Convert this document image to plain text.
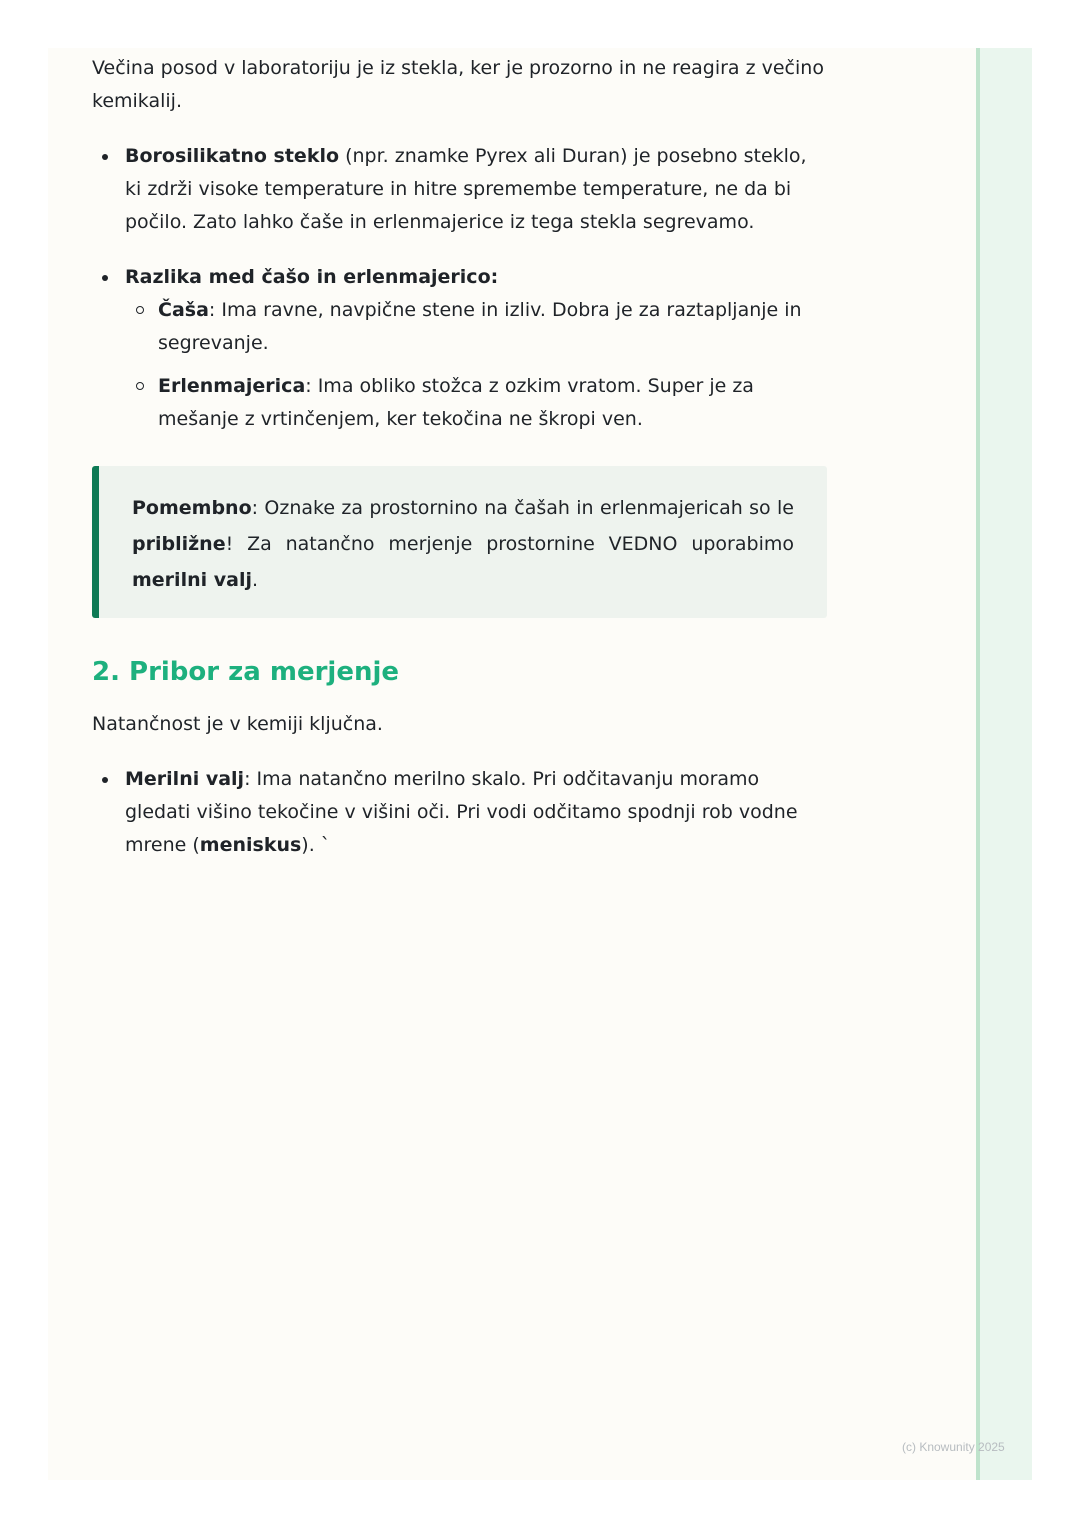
Večina posod v laboratoriju je iz stekla, ker je prozorno in ne reagira z večino kemikalij.

Borosilikatno steklo (npr. znamke Pyrex ali Duran) je posebno steklo, ki zdrži visoke temperature in hitre spremembe temperature, ne da bi počilo. Zato lahko čaše in erlenmajerice iz tega stekla segrevamo.
Razlika med čašo in erlenmajerico:
Čaša: Ima ravne, navpične stene in izliv. Dobra je za raztapljanje in segrevanje.
Erlenmajerica: Ima obliko stožca z ozkim vratom. Super je za mešanje z vrtinčenjem, ker tekočina ne škropi ven.
Pomembno: Oznake za prostornino na čašah in erlenmajericah so le približne! Za natančno merjenje prostornine VEDNO uporabimo merilni valj.
2. Pribor za merjenje

Natančnost je v kemiji ključna.

Merilni valj: Ima natančno merilno skalo. Pri odčitavanju moramo gledati višino tekočine v višini oči. Pri vodi odčitamo spodnji rob vodne mrene (meniskus). `
(c) Knowunity 2025
